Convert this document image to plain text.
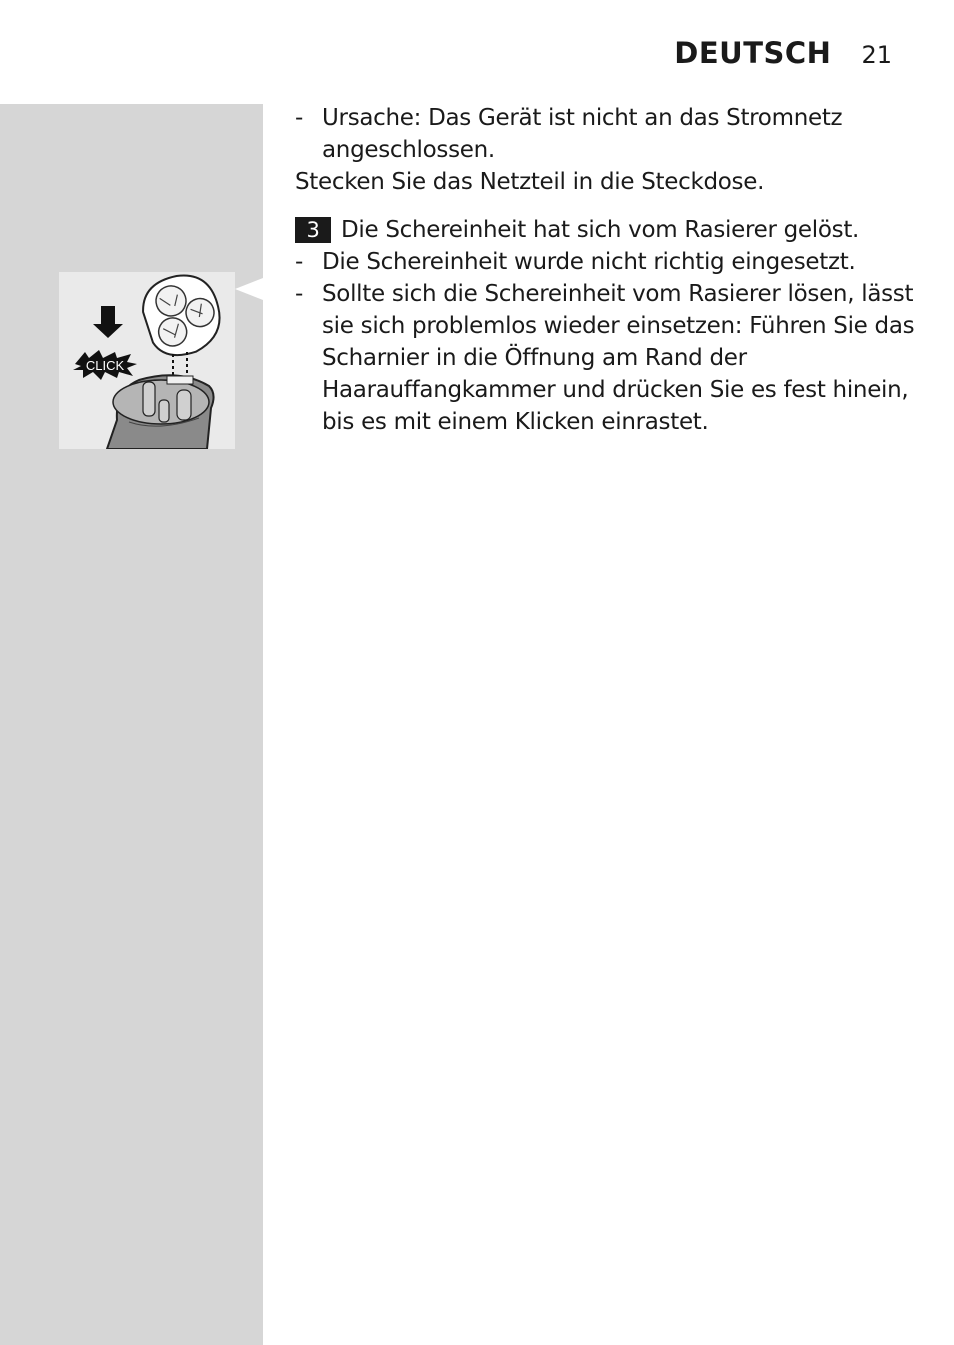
DEUTSCH 21
CLICK
- Ursache: Das Gerät ist nicht an das Stromnetz angeschlossen.

Stecken Sie das Netzteil in die Steckdose.

3 Die Schereinheit hat sich vom Rasierer gelöst.
- Die Schereinheit wurde nicht richtig eingesetzt.
- Sollte sich die Schereinheit vom Rasierer lösen, lässt sie sich problemlos wieder einsetzen: Führen Sie das Scharnier in die Öffnung am Rand der Haarauffangkammer und drücken Sie es fest hinein, bis es mit einem Klicken einrastet.
